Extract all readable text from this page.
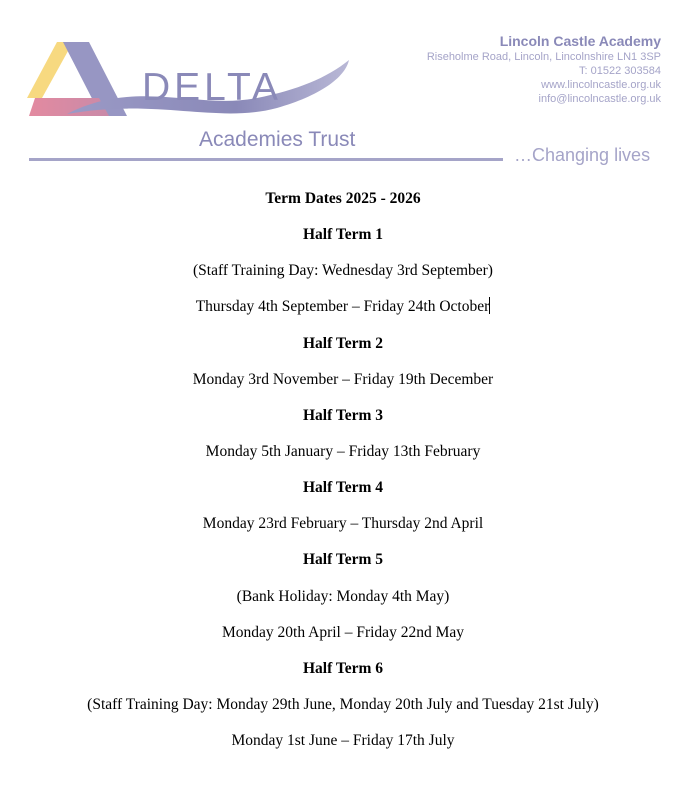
DELTA
Academies Trust
Lincoln Castle Academy
Riseholme Road, Lincoln, Lincolnshire LN1 3SP
T: 01522 303584
www.lincolncastle.org.uk
info@lincolncastle.org.uk
…Changing lives
Term Dates 2025 - 2026
Half Term 1
(Staff Training Day: Wednesday 3rd September)
Thursday 4th September – Friday 24th October
Half Term 2
Monday 3rd November – Friday 19th December
Half Term 3
Monday 5th January – Friday 13th February
Half Term 4
Monday 23rd February – Thursday 2nd April
Half Term 5
(Bank Holiday: Monday 4th May)
Monday 20th April – Friday 22nd May
Half Term 6
(Staff Training Day: Monday 29th June, Monday 20th July and Tuesday 21st July)
Monday 1st June – Friday 17th July
